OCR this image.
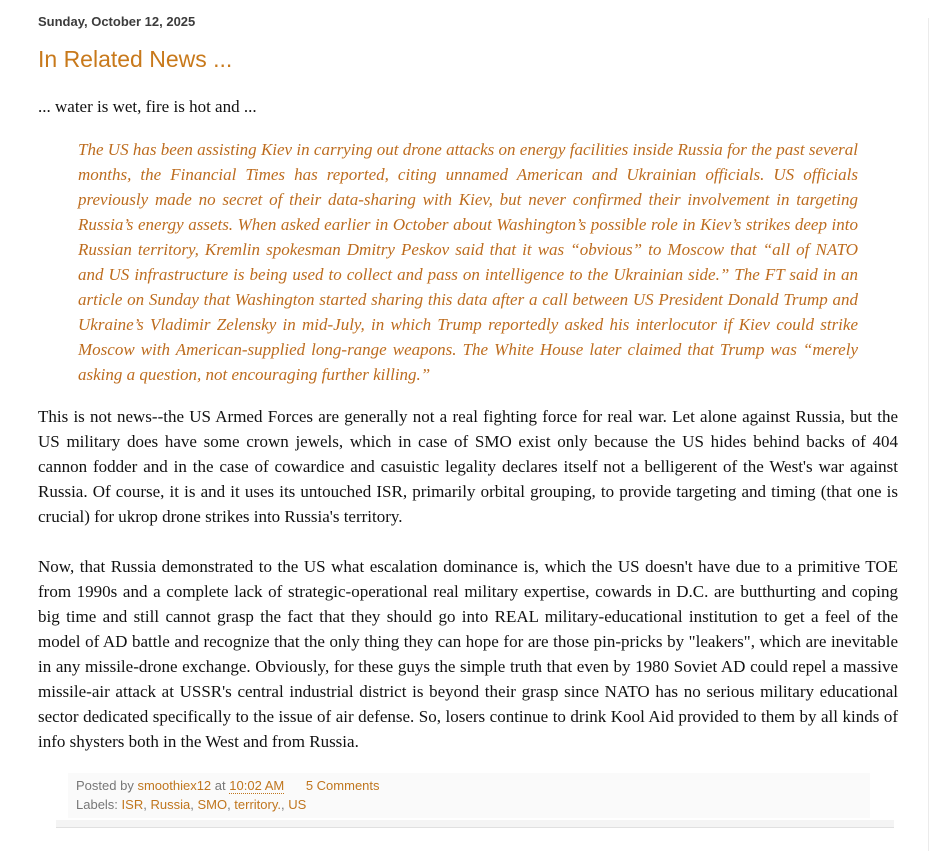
Sunday, October 12, 2025
In Related News ...

... water is wet, fire is hot and ...

The US has been assisting Kiev in carrying out drone attacks on energy facilities inside Russia for the past several months, the Financial Times has reported, citing unnamed American and Ukrainian officials. US officials previously made no secret of their data-sharing with Kiev, but never confirmed their involvement in targeting Russia’s energy assets. When asked earlier in October about Washington’s possible role in Kiev’s strikes deep into Russian territory, Kremlin spokesman Dmitry Peskov said that it was “obvious” to Moscow that “all of NATO and US infrastructure is being used to collect and pass on intelligence to the Ukrainian side.” The FT said in an article on Sunday that Washington started sharing this data after a call between US President Donald Trump and Ukraine’s Vladimir Zelensky in mid-July, in which Trump reportedly asked his interlocutor if Kiev could strike Moscow with American-supplied long-range weapons. The White House later claimed that Trump was “merely asking a question, not encouraging further killing.”

This is not news--the US Armed Forces are generally not a real fighting force for real war. Let alone against Russia, but the US military does have some crown jewels, which in case of SMO exist only because the US hides behind backs of 404 cannon fodder and in the case of cowardice and casuistic legality declares itself not a belligerent of the West's war against Russia. Of course, it is and it uses its untouched ISR, primarily orbital grouping, to provide targeting and timing (that one is crucial) for ukrop drone strikes into Russia's territory.

Now, that Russia demonstrated to the US what escalation dominance is, which the US doesn't have due to a primitive TOE from 1990s and a complete lack of strategic-operational real military expertise, cowards in D.C. are butthurting and coping big time and still cannot grasp the fact that they should go into REAL military-educational institution to get a feel of the model of AD battle and recognize that the only thing they can hope for are those pin-pricks by "leakers", which are inevitable in any missile-drone exchange. Obviously, for these guys the simple truth that even by 1980 Soviet AD could repel a massive missile-air attack at USSR's central industrial district is beyond their grasp since NATO has no serious military educational sector dedicated specifically to the issue of air defense. So, losers continue to drink Kool Aid provided to them by all kinds of info shysters both in the West and from Russia.

Posted by smoothiex12 at 10:02 AM 5 Comments
Labels: ISR, Russia, SMO, territory., US
